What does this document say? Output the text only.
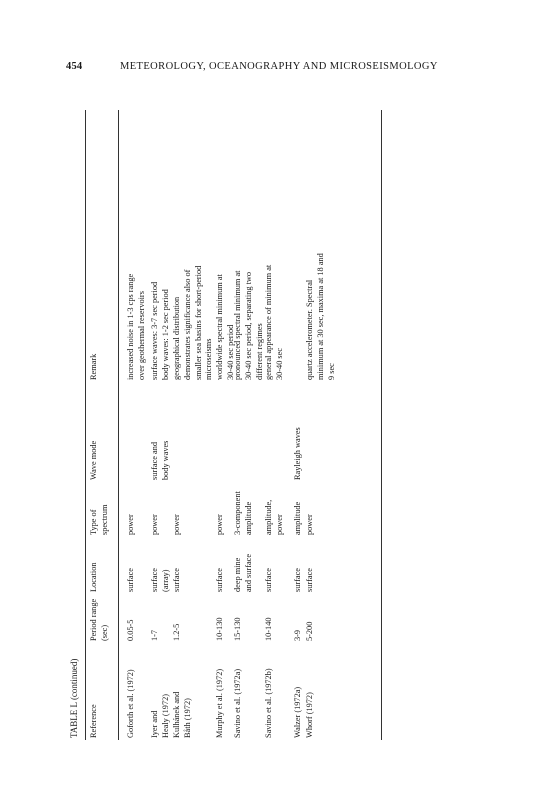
454	METEOROLOGY, OCEANOGRAPHY AND MICROSEISMOLOGY
TABLE L (continued) Reference
Period range (sec)
Location
Type of spectrum
Wave mode
Remark
Goforth et al. (1972)
0.05-5
surface
power
increased noise in 1-3 cps range over geothermal reservoirs
Iyer and Healy (1972)
1-7
surface (array)
power
surface and body waves
surface waves: 3-7 sec period body waves: 1-2 sec period
Kulhánek and Båth (1972)
1.2-5
surface
power
geographical distribution demonstrates significance also of smaller sea basins for short-period microseisms
Murphy et al. (1972)
10-130
surface
power
worldwide spectral minimum at 30-40 sec period
Savino et al. (1972a)
15-130
deep mine and surface
3-component amplitude
pronounced spectral minimum at 30-40 sec period, separating two different regimes
Savino et al. (1972b)
10-140
surface
amplitude, power
general appearance of minimum at 30-40 sec
Walzer (1972a)
3-9
surface
amplitude
Rayleigh waves
Whorf (1972)
5-200
surface
power
quartz accelerometer. Spectral minimum at 30 sec, maxima at 18 and 9 sec
